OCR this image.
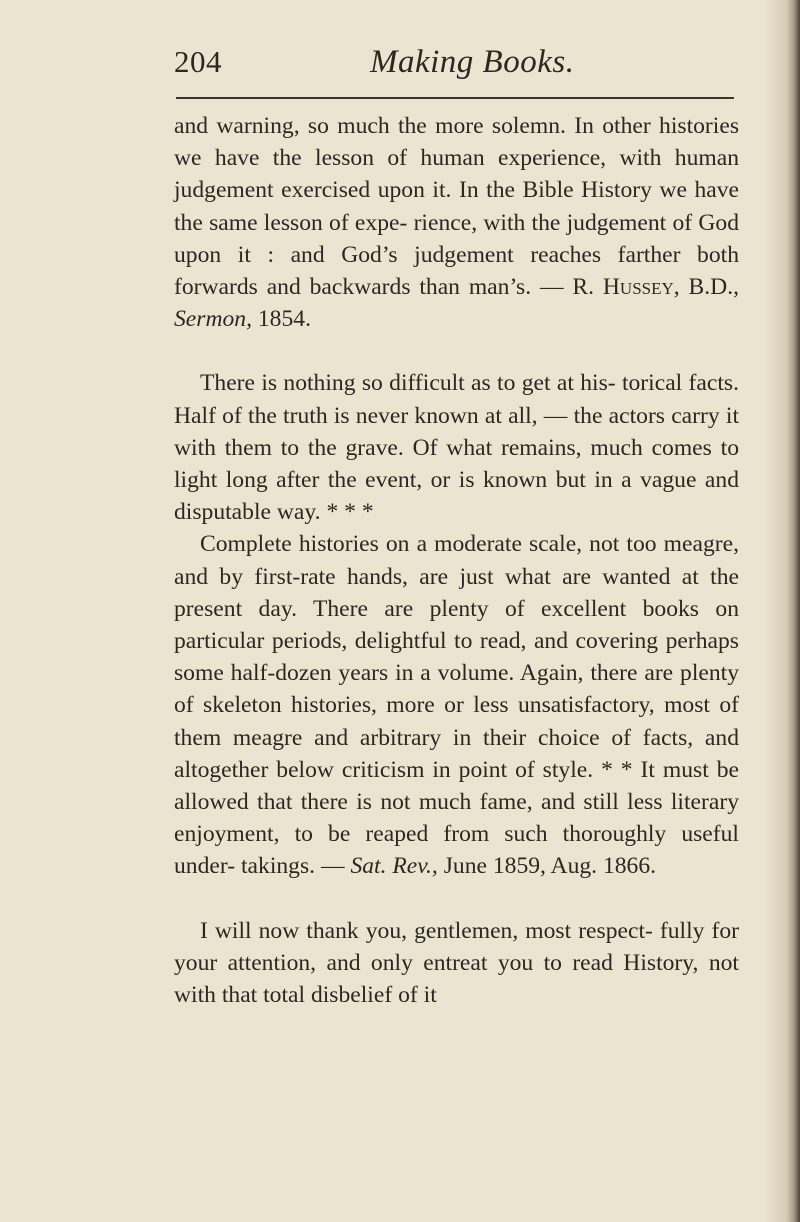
204	Making Books.

and warning, so much the more solemn. In other histories we have the lesson of human experience, with human judgement exercised upon it. In the Bible History we have the same lesson of expe- rience, with the judgement of God upon it : and God’s judgement reaches farther both forwards and backwards than man’s. — R. Hussey, B.D., Sermon, 1854.

There is nothing so difficult as to get at his- torical facts. Half of the truth is never known at all, — the actors carry it with them to the grave. Of what remains, much comes to light long after the event, or is known but in a vague and disputable way. * * *

Complete histories on a moderate scale, not too meagre, and by first-rate hands, are just what are wanted at the present day. There are plenty of excellent books on particular periods, delightful to read, and covering perhaps some half-dozen years in a volume. Again, there are plenty of skeleton histories, more or less unsatisfactory, most of them meagre and arbitrary in their choice of facts, and altogether below criticism in point of style. * * It must be allowed that there is not much fame, and still less literary enjoyment, to be reaped from such thoroughly useful under- takings. — Sat. Rev., June 1859, Aug. 1866.

I will now thank you, gentlemen, most respect- fully for your attention, and only entreat you to read History, not with that total disbelief of it
